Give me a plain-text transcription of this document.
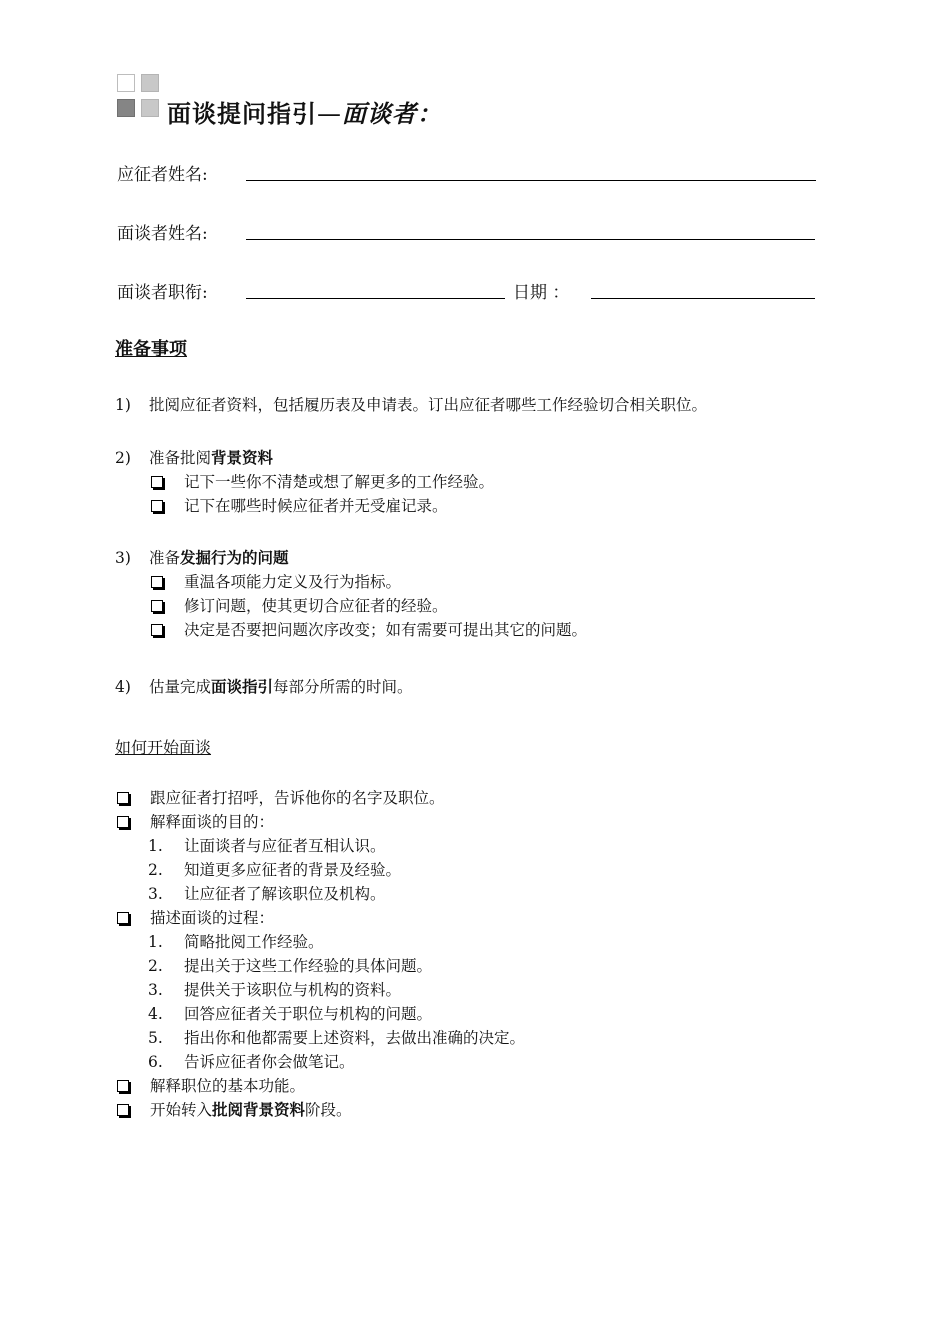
面谈提问指引—面谈者：
应征者姓名:
面谈者姓名:
面谈者职衔:	日期 ：
准备事项
1)	批阅应征者资料，包括履历表及申请表。订出应征者哪些工作经验切合相关职位。
2)	准备批阅背景资料
记下一些你不清楚或想了解更多的工作经验。
记下在哪些时候应征者并无受雇记录。
3)	准备发掘行为的问题
重温各项能力定义及行为指标。
修订问题，使其更切合应征者的经验。
决定是否要把问题次序改变；如有需要可提出其它的问题。
4)	估量完成面谈指引每部分所需的时间。
如何开始面谈
跟应征者打招呼，告诉他你的名字及职位。
解释面谈的目的：
1.	让面谈者与应征者互相认识。
2.	知道更多应征者的背景及经验。
3.	让应征者了解该职位及机构。
描述面谈的过程：
1.	简略批阅工作经验。
2.	提出关于这些工作经验的具体问题。
3.	提供关于该职位与机构的资料。
4.	回答应征者关于职位与机构的问题。
5.	指出你和他都需要上述资料，去做出准确的决定。
6.	告诉应征者你会做笔记。
解释职位的基本功能。
开始转入批阅背景资料阶段。
